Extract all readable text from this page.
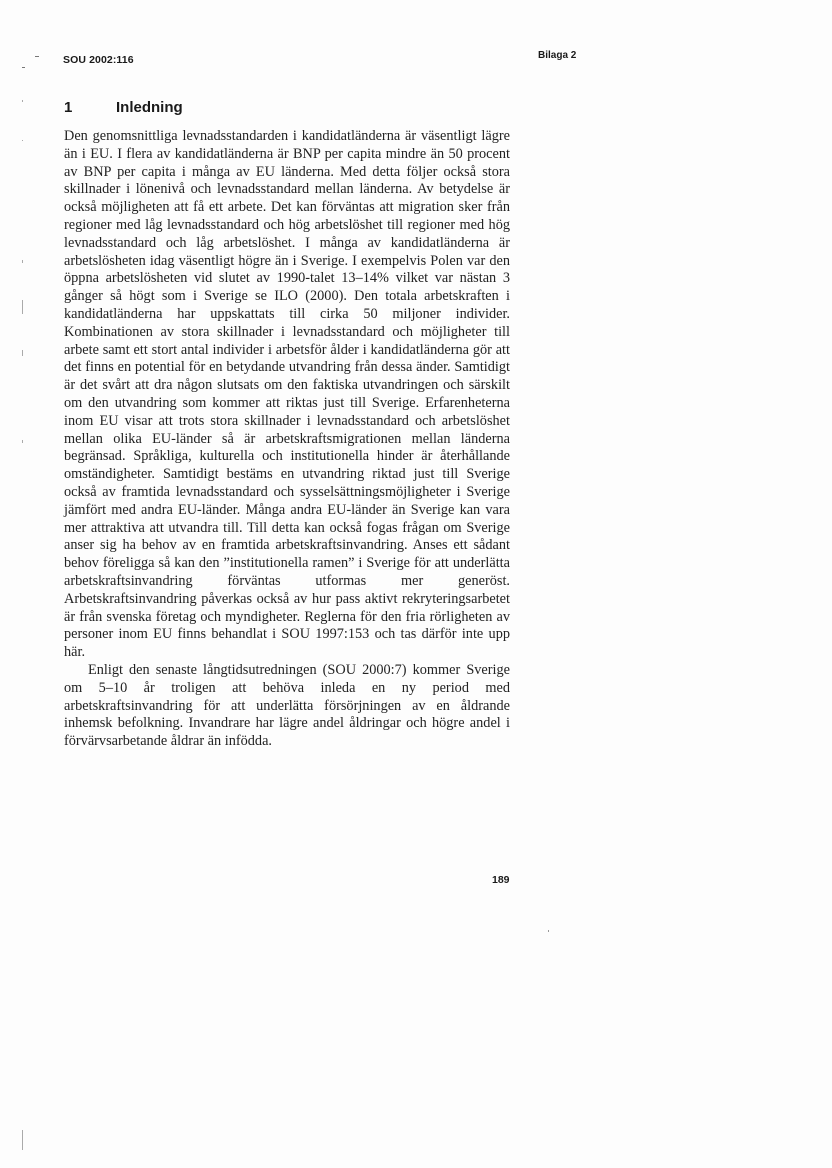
SOU 2002:116	Bilaga 2
1	Inledning

Den genomsnittliga levnadsstandarden i kandidatländerna är väsentligt lägre än i EU. I flera av kandidatländerna är BNP per capita mindre än 50 procent av BNP per capita i många av EU länderna. Med detta följer också stora skillnader i lönenivå och levnadsstandard mellan länderna. Av betydelse är också möjligheten att få ett arbete. Det kan förväntas att migration sker från regioner med låg levnadsstandard och hög arbetslöshet till regioner med hög levnadsstandard och låg arbetslöshet. I många av kandidatländerna är arbetslösheten idag väsentligt högre än i Sverige. I exempelvis Polen var den öppna arbetslösheten vid slutet av 1990-talet 13–14% vilket var nästan 3 gånger så högt som i Sverige se ILO (2000). Den totala arbetskraften i kandidatländerna har uppskattats till cirka 50 miljoner individer. Kombinationen av stora skillnader i levnadsstandard och möjligheter till arbete samt ett stort antal individer i arbetsför ålder i kandidatländerna gör att det finns en potential för en betydande utvandring från dessa änder. Samtidigt är det svårt att dra någon slutsats om den faktiska utvandringen och särskilt om den utvandring som kommer att riktas just till Sverige. Erfarenheterna inom EU visar att trots stora skillnader i levnadsstandard och arbetslöshet mellan olika EU-länder så är arbetskraftsmigrationen mellan länderna begränsad. Språkliga, kulturella och institutionella hinder är återhållande omständigheter. Samtidigt bestäms en utvandring riktad just till Sverige också av framtida levnadsstandard och sysselsättningsmöjligheter i Sverige jämfört med andra EU-länder. Många andra EU-länder än Sverige kan vara mer attraktiva att utvandra till. Till detta kan också fogas frågan om Sverige anser sig ha behov av en framtida arbetskraftsinvandring. Anses ett sådant behov föreligga så kan den ”institutionella ramen” i Sverige för att underlätta arbetskraftsinvandring förväntas utformas mer generöst. Arbetskraftsinvandring påverkas också av hur pass aktivt rekryteringsarbetet är från svenska företag och myndigheter. Reglerna för den fria rörligheten av personer inom EU finns behandlat i SOU 1997:153 och tas därför inte upp här.

Enligt den senaste långtidsutredningen (SOU 2000:7) kommer Sverige om 5–10 år troligen att behöva inleda en ny period med arbetskraftsinvandring för att underlätta försörjningen av en åldrande inhemsk befolkning. Invandrare har lägre andel åldringar och högre andel i förvärvsarbetande åldrar än infödda.

189
